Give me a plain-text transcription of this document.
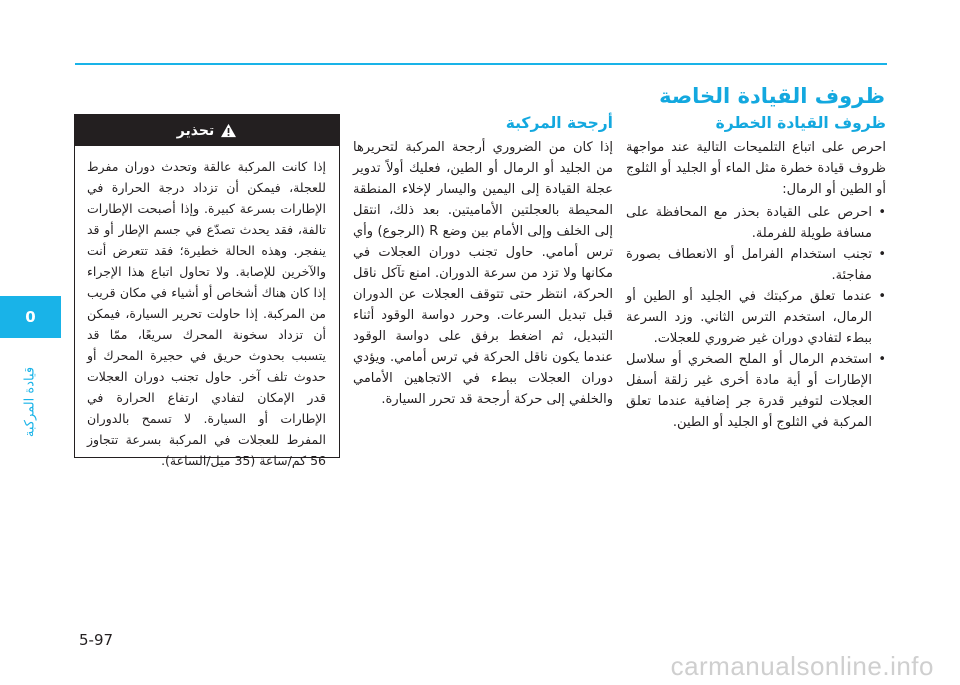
ظروف القيادة الخاصة
0
قيادة المركبة
ظروف القيادة الخطرة

احرص على اتباع التلميحات التالية عند مواجهة ظروف قيادة خطرة مثل الماء أو الجليد أو الثلوج أو الطين أو الرمال:

• احرص على القيادة بحذر مع المحافظة على مسافة طويلة للفرملة.
• تجنب استخدام الفرامل أو الانعطاف بصورة مفاجئة.
• عندما تعلق مركبتك في الجليد أو الطين أو الرمال، استخدم الترس الثاني. وزد السرعة ببطء لتفادي دوران غير ضروري للعجلات.
• استخدم الرمال أو الملح الصخري أو سلاسل الإطارات أو أية مادة أخرى غير زلقة أسفل العجلات لتوفير قدرة جر إضافية عندما تعلق المركبة في الثلوج أو الجليد أو الطين.
أرجحة المركبة

إذا كان من الضروري أرجحة المركبة لتحريرها من الجليد أو الرمال أو الطين، فعليك أولاً تدوير عجلة القيادة إلى اليمين واليسار لإخلاء المنطقة المحيطة بالعجلتين الأماميتين. بعد ذلك، انتقل إلى الخلف وإلى الأمام بين وضع R (الرجوع) وأي ترس أمامي. حاول تجنب دوران العجلات في مكانها ولا تزد من سرعة الدوران. امنع تآكل ناقل الحركة، انتظر حتى تتوقف العجلات عن الدوران قبل تبديل السرعات. وحرر دواسة الوقود أثناء التبديل، ثم اضغط برفق على دواسة الوقود عندما يكون ناقل الحركة في ترس أمامي. ويؤدي دوران العجلات ببطء في الاتجاهين الأمامي والخلفي إلى حركة أرجحة قد تحرر السيارة.

تحذير
إذا كانت المركبة عالقة وتحدث دوران مفرط للعجلة، فيمكن أن تزداد درجة الحرارة في الإطارات بسرعة كبيرة. وإذا أصبحت الإطارات تالفة، فقد يحدث تصدّع في جسم الإطار أو قد ينفجر. وهذه الحالة خطيرة؛ فقد تتعرض أنت والآخرين للإصابة. ولا تحاول اتباع هذا الإجراء إذا كان هناك أشخاص أو أشياء في مكان قريب من المركبة. إذا حاولت تحرير السيارة، فيمكن أن تزداد سخونة المحرك سريعًا، ممّا قد يتسبب بحدوث حريق في حجيرة المحرك أو حدوث تلف آخر. حاول تجنب دوران العجلات قدر الإمكان لتفادي ارتفاع الحرارة في الإطارات أو السيارة. لا تسمح بالدوران المفرط للعجلات في المركبة بسرعة تتجاوز 56 كم/ساعة (35 ميل/الساعة).
5-97
carmanualsonline.info
